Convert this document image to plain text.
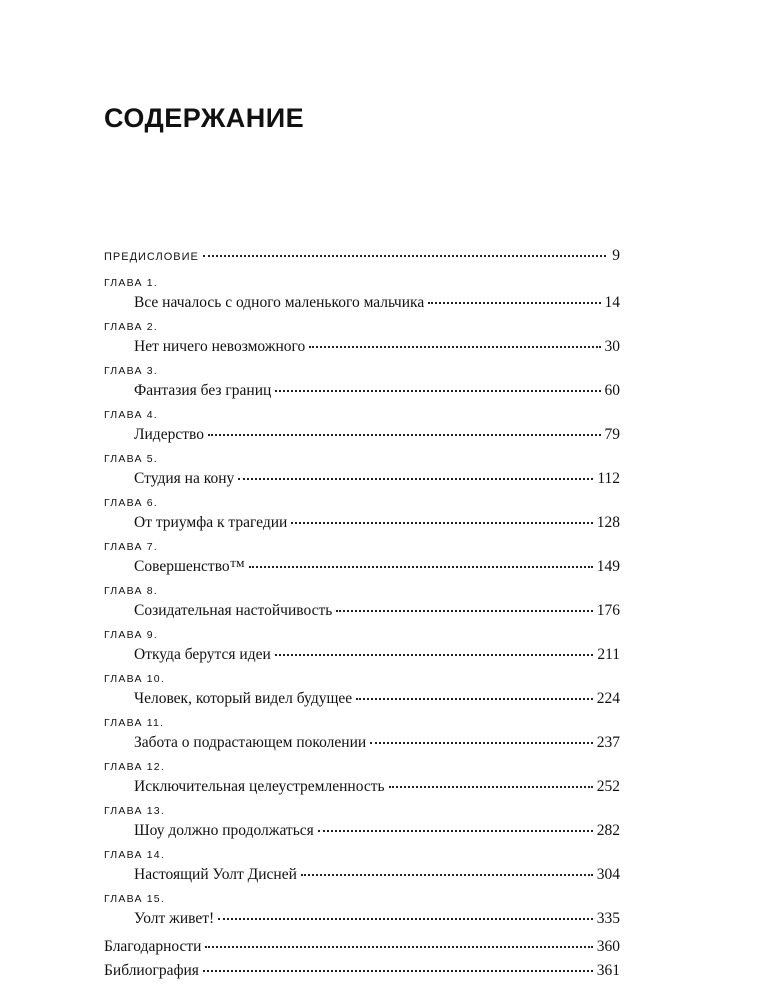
СОДЕРЖАНИЕ
ПРЕДИСЛОВИЕ	9
ГЛАВА 1.
Все началось с одного маленького мальчика	14
ГЛАВА 2.
Нет ничего невозможного	30
ГЛАВА 3.
Фантазия без границ	60
ГЛАВА 4.
Лидерство	79
ГЛАВА 5.
Студия на кону	112
ГЛАВА 6.
От триумфа к трагедии	128
ГЛАВА 7.
Совершенство™	149
ГЛАВА 8.
Созидательная настойчивость	176
ГЛАВА 9.
Откуда берутся идеи	211
ГЛАВА 10.
Человек, который видел будущее	224
ГЛАВА 11.
Забота о подрастающем поколении	237
ГЛАВА 12.
Исключительная целеустремленность	252
ГЛАВА 13.
Шоу должно продолжаться	282
ГЛАВА 14.
Настоящий Уолт Дисней	304
ГЛАВА 15.
Уолт живет!	335
Благодарности	360
Библиография	361
